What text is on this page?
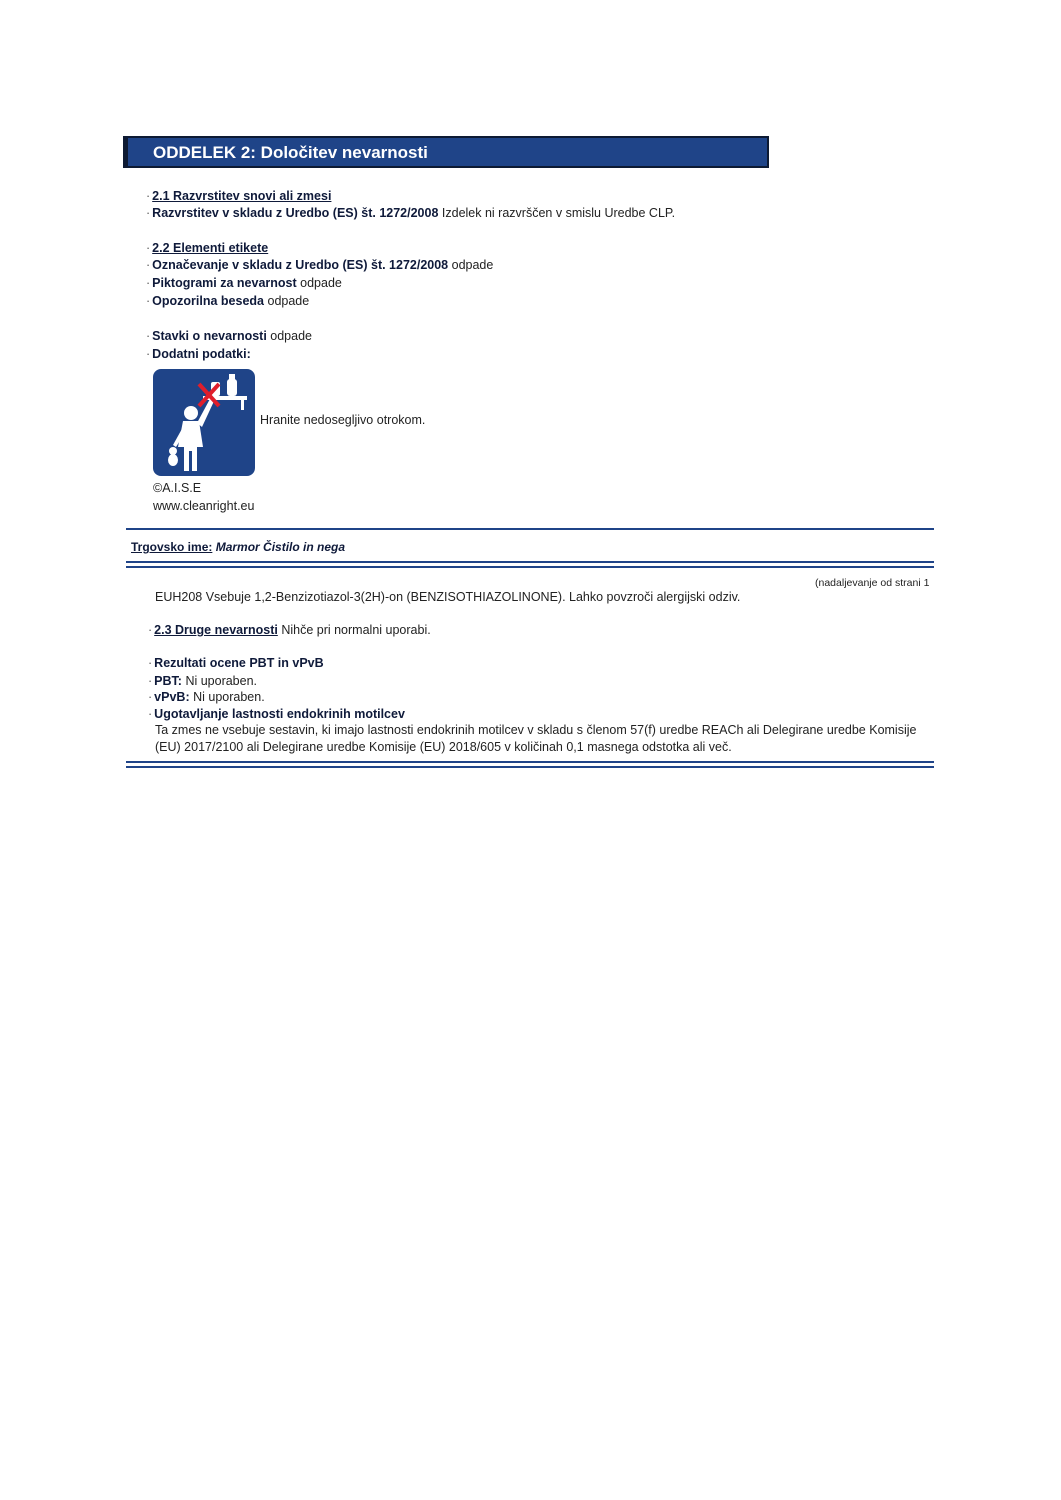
ODDELEK 2: Določitev nevarnosti
· 2.1 Razvrstitev snovi ali zmesi
· Razvrstitev v skladu z Uredbo (ES) št. 1272/2008 Izdelek ni razvrščen v smislu Uredbe CLP.
· 2.2 Elementi etikete
· Označevanje v skladu z Uredbo (ES) št. 1272/2008 odpade
· Piktogrami za nevarnost odpade
· Opozorilna beseda odpade
· Stavki o nevarnosti odpade
· Dodatni podatki:
Hranite nedosegljivo otrokom.
©A.I.S.E
www.cleanright.eu
Trgovsko ime: Marmor Čistilo in nega
(nadaljevanje od strani 1
EUH208 Vsebuje 1,2-Benzizotiazol-3(2H)-on (BENZISOTHIAZOLINONE). Lahko povzroči alergijski odziv.
· 2.3 Druge nevarnosti Nihče pri normalni uporabi.
· Rezultati ocene PBT in vPvB
· PBT: Ni uporaben.
· vPvB: Ni uporaben.
· Ugotavljanje lastnosti endokrinih motilcev
Ta zmes ne vsebuje sestavin, ki imajo lastnosti endokrinih motilcev v skladu s členom 57(f) uredbe REACh ali Delegirane uredbe Komisije
(EU) 2017/2100 ali Delegirane uredbe Komisije (EU) 2018/605 v količinah 0,1 masnega odstotka ali več.
